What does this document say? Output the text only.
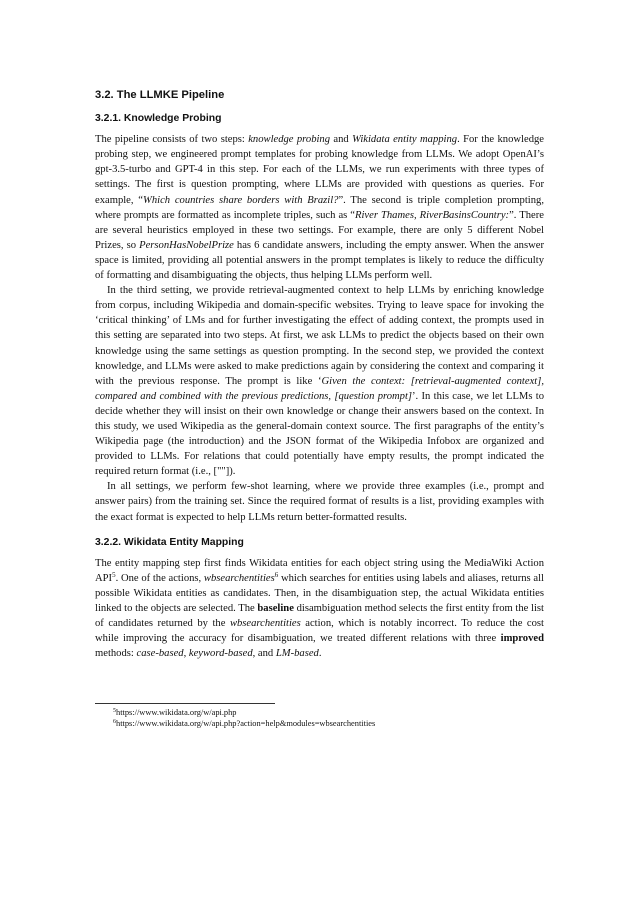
3.2. The LLMKE Pipeline
3.2.1. Knowledge Probing

The pipeline consists of two steps: knowledge probing and Wikidata entity mapping. For the knowledge probing step, we engineered prompt templates for probing knowledge from LLMs. We adopt OpenAI’s gpt-3.5-turbo and GPT-4 in this step. For each of the LLMs, we run experiments with three types of settings. The first is question prompting, where LLMs are provided with questions as queries. For example, “Which countries share borders with Brazil?”. The second is triple completion prompting, where prompts are formatted as incomplete triples, such as “River Thames, RiverBasinsCountry:”. There are several heuristics employed in these two settings. For example, there are only 5 different Nobel Prizes, so PersonHasNobelPrize has 6 candidate answers, including the empty answer. When the answer space is limited, providing all potential answers in the prompt templates is likely to reduce the difficulty of formatting and disambiguating the objects, thus helping LLMs perform well.

In the third setting, we provide retrieval-augmented context to help LLMs by enriching knowledge from corpus, including Wikipedia and domain-specific websites. Trying to leave space for invoking the ‘critical thinking’ of LMs and for further investigating the effect of adding context, the prompts used in this setting are separated into two steps. At first, we ask LLMs to predict the objects based on their own knowledge using the same settings as question prompting. In the second step, we provided the context knowledge, and LLMs were asked to make predictions again by considering the context and comparing it with the previous response. The prompt is like ‘Given the context: [retrieval-augmented context], compared and combined with the previous predictions, [question prompt]’. In this case, we let LLMs to decide whether they will insist on their own knowledge or change their answers based on the context. In this study, we used Wikipedia as the general-domain context source. The first paragraphs of the entity’s Wikipedia page (the introduction) and the JSON format of the Wikipedia Infobox are organized and provided to LLMs. For relations that could potentially have empty results, the prompt indicated the required return format (i.e., [""]).

In all settings, we perform few-shot learning, where we provide three examples (i.e., prompt and answer pairs) from the training set. Since the required format of results is a list, providing examples with the exact format is expected to help LLMs return better-formatted results.

3.2.2. Wikidata Entity Mapping

The entity mapping step first finds Wikidata entities for each object string using the MediaWiki Action API$^5$. One of the actions, wbsearchentities$^6$ which searches for entities using labels and aliases, returns all possible Wikidata entities as candidates. Then, in the disambiguation step, the actual Wikidata entities linked to the objects are selected. The baseline disambiguation method selects the first entity from the list of candidates returned by the wbsearchentities action, which is notably incorrect. To reduce the cost while improving the accuracy for disambiguation, we treated different relations with three improved methods: case-based, keyword-based, and LM-based.

$^5$https://www.wikidata.org/w/api.php
$^6$https://www.wikidata.org/w/api.php?action=help&modules=wbsearchentities
